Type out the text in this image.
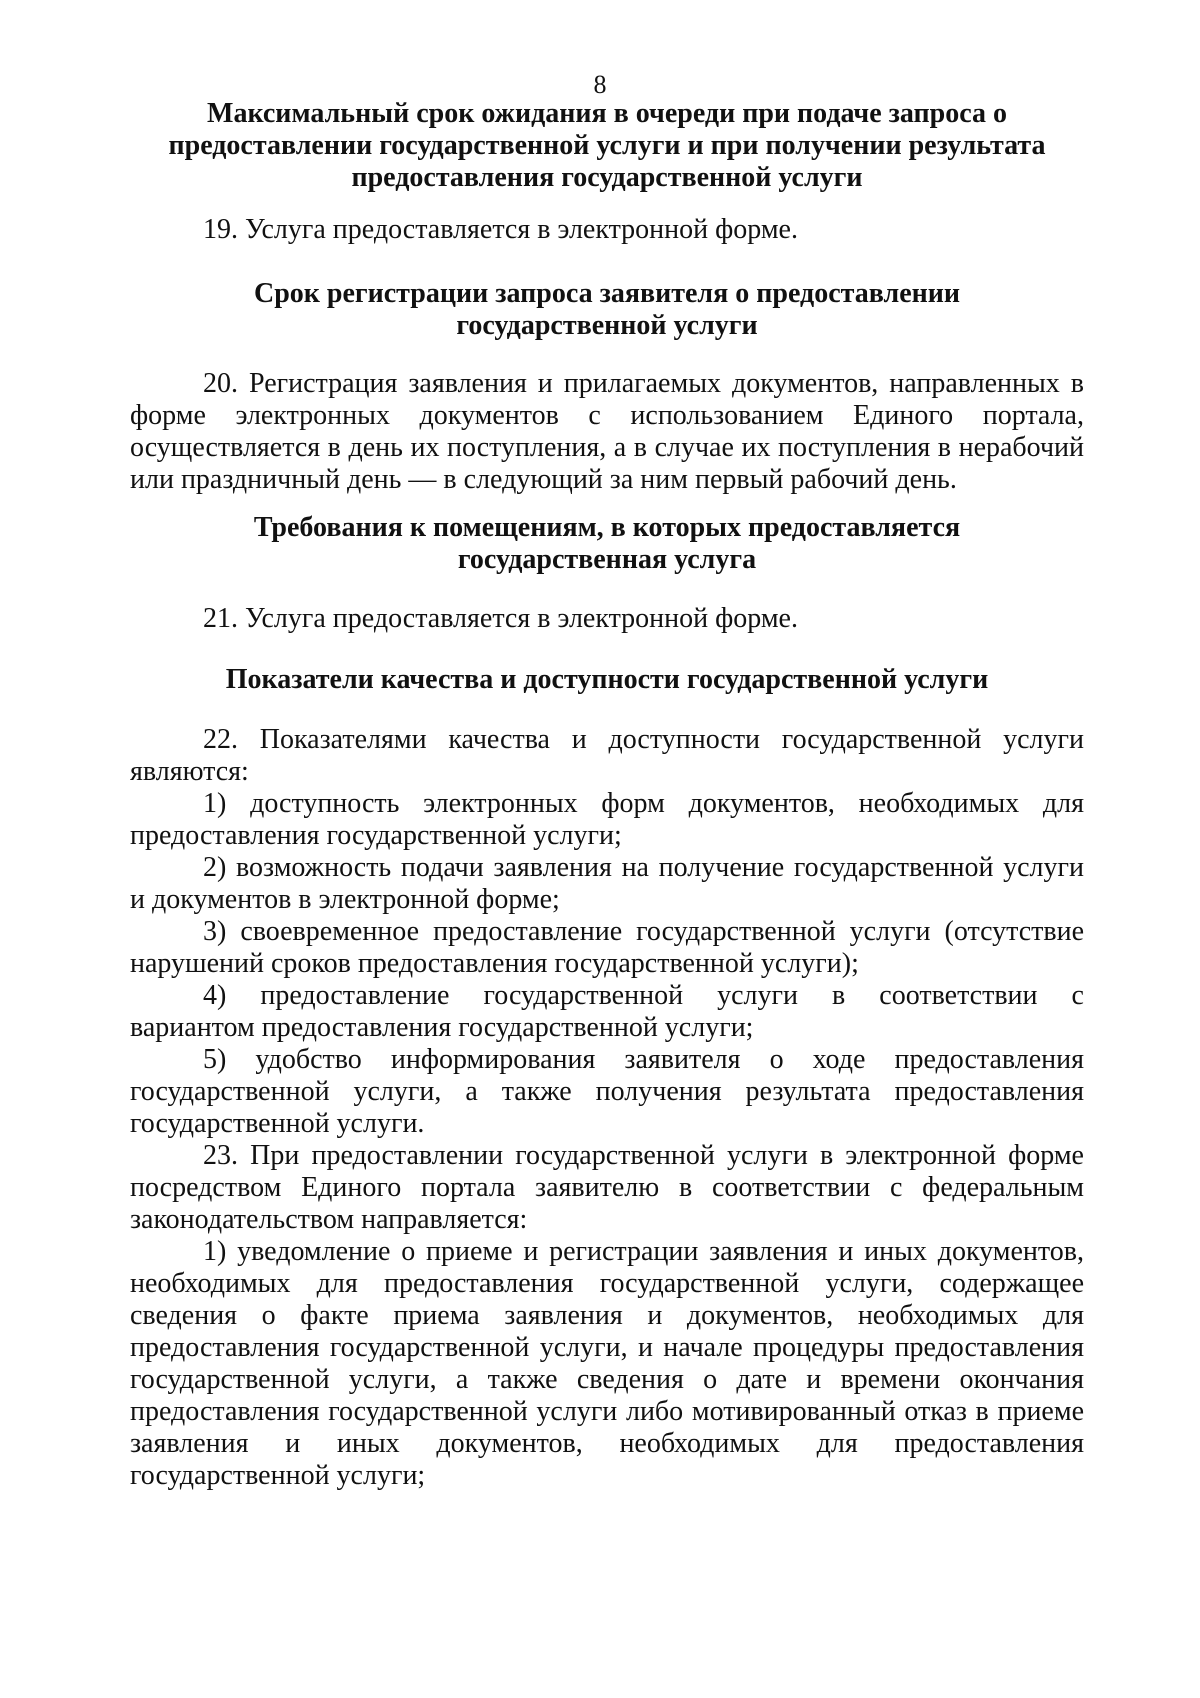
8
Максимальный срок ожидания в очереди при подаче запроса о
предоставлении государственной услуги и при получении результата
предоставления государственной услуги
19. Услуга предоставляется в электронной форме.
Срок регистрации запроса заявителя о предоставлении
государственной услуги
20. Регистрация заявления и прилагаемых документов, направленных в
форме электронных документов с использованием Единого портала,
осуществляется в день их поступления, а в случае их поступления в нерабочий
или праздничный день — в следующий за ним первый рабочий день.
Требования к помещениям, в которых предоставляется
государственная услуга
21. Услуга предоставляется в электронной форме.
Показатели качества и доступности государственной услуги
22. Показателями качества и доступности государственной услуги
являются:
1) доступность электронных форм документов, необходимых для
предоставления государственной услуги;
2) возможность подачи заявления на получение государственной услуги
и документов в электронной форме;
3) своевременное предоставление государственной услуги (отсутствие
нарушений сроков предоставления государственной услуги);
4) предоставление государственной услуги в соответствии с
вариантом предоставления государственной услуги;
5) удобство информирования заявителя о ходе предоставления
государственной услуги, а также получения результата предоставления
государственной услуги.
23. При предоставлении государственной услуги в электронной форме
посредством Единого портала заявителю в соответствии с федеральным
законодательством направляется:
1) уведомление о приеме и регистрации заявления и иных документов,
необходимых для предоставления государственной услуги, содержащее
сведения о факте приема заявления и документов, необходимых для
предоставления государственной услуги, и начале процедуры предоставления
государственной услуги, а также сведения о дате и времени окончания
предоставления государственной услуги либо мотивированный отказ в приеме
заявления и иных документов, необходимых для предоставления
государственной услуги;
